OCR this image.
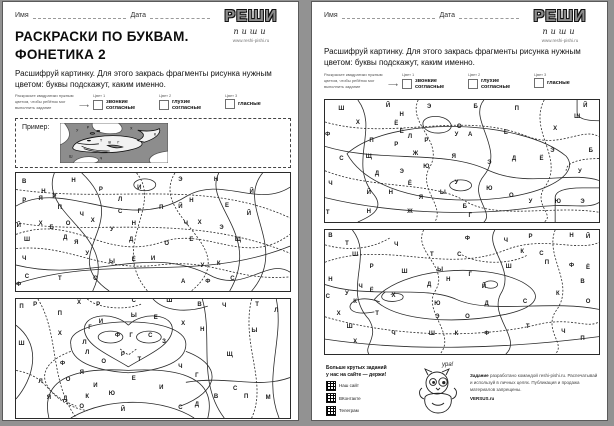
Имя	Дата	РЕШИ
пиши
www.reshi-pishi.ru
РАСКРАСКИ ПО БУКВАМ.
ФОНЕТИКА 2
Расшифруй картинку. Для этого закрась фрагменты рисунка нужным цветом: буквы подскажут, каким именно.
Раскрасьте квадратики нужным цветом, чтобы ребёнок мог выполнить задание	⟶
Цвет 1
звонкие
согласные
Цвет 2
глухие
согласные
Цвет 3
гласные
Пример:
Т В Г
У
Р
К
Х
Ш
Ч
В
Н
Н
Р	И
Э	Н
Й
Р Я Р
П
Л	Н
Е
Й
Ч
С	Г
П Й
Х
У
Н
Й	Х
Б
О	Ч Х
Э
Ш	Д
Я	Д
О
Е	Щ
Ч
У
Ы	Ё	И
У К
С	Т	О	А
Ф
Ф	С
П Р
П
Х	Р
С	Ш
В	Ч	Т
Л
Ы	Е
И
Г
Х
Н	Ы
Х
Ш	Л
Ф Г	С
З
Л	Р
Т
Щ
Ф	О
Ч
Я
Е	Г
Л	О
И	И	С
Я Д	К	Ю	В	П	М
О	Й	С
Д
Имя	Дата	РЕШИ
пиши
www.reshi-pishi.ru
Расшифруй картинку. Для этого закрась фрагменты рисунка нужным цветом: буквы подскажут, каким именно.
Раскрасьте квадратики нужным цветом, чтобы ребёнок мог выполнить задание	⟶
Цвет 1
звонкие
согласные
Цвет 2
глухие
согласные
Цвет 3
гласные
Ш	Й	Э	Б	П	Й
Х
Н
Ё
Е
О
Ш
Ф
П
Л
Р
Р
У А	Е
Х
Ж
Я
Э
Б
С	Щ
Э
Ю
Д	Ё
Д	Э	У
Ч	Ё	У
Ю
Й	Н	Ы
О
Я
У	Ю	Э
Т	Н	Ж
Б
Г
В
Т	Ч
Ф	Ч
Р	Н Й
Ш
Р
Т	С	К	С
Ш	Ы
Г
Ш
П	Ф Ё
Н
Ч
Ё
Д
Н
Й
В
С	У	Х
К	Ю	Д	С
К
О
Х	Т	Э	О
Ш
Ч	Ш	К	Ф
Т
Ч
П
Х
Больше крутых заданий
у нас на сайте — держи!
Наш сайт
ВКонтакте
Телеграм
ура!
Задание разработано командой reshi-pishi.ru. Распечатывай и используй в личных целях. Публикация и продажа материалов запрещены.
VERSUS.ru
